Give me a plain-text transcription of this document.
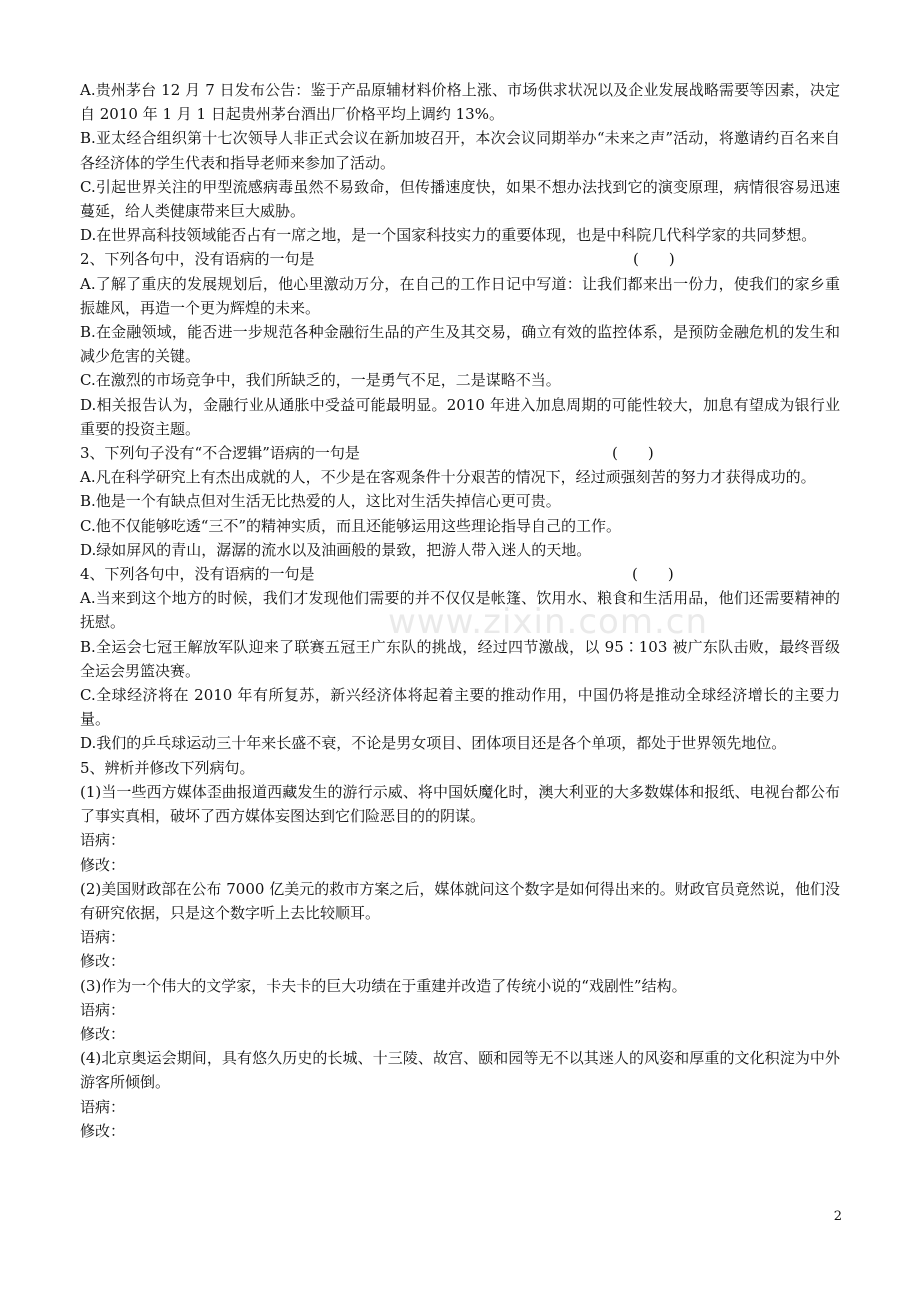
www.zixin.com.cn

A.贵州茅台 12 月 7 日发布公告：鉴于产品原辅材料价格上涨、市场供求状况以及企业发展战略需要等因素，决定自 2010 年 1 月 1 日起贵州茅台酒出厂价格平均上调约 13%。

B.亚太经合组织第十七次领导人非正式会议在新加坡召开，本次会议同期举办“未来之声”活动，将邀请约百名来自各经济体的学生代表和指导老师来参加了活动。

C.引起世界关注的甲型流感病毒虽然不易致命，但传播速度快，如果不想办法找到它的演变原理，病情很容易迅速蔓延，给人类健康带来巨大威胁。

D.在世界高科技领域能否占有一席之地，是一个国家科技实力的重要体现，也是中科院几代科学家的共同梦想。

2、下列各句中，没有语病的一句是	(　　)

A.了解了重庆的发展规划后，他心里激动万分，在自己的工作日记中写道：让我们都来出一份力，使我们的家乡重振雄风，再造一个更为辉煌的未来。

B.在金融领域，能否进一步规范各种金融衍生品的产生及其交易，确立有效的监控体系，是预防金融危机的发生和减少危害的关键。

C.在激烈的市场竞争中，我们所缺乏的，一是勇气不足，二是谋略不当。

D.相关报告认为，金融行业从通胀中受益可能最明显。2010 年进入加息周期的可能性较大，加息有望成为银行业重要的投资主题。

3、下列句子没有“不合逻辑”语病的一句是	(　　)

A.凡在科学研究上有杰出成就的人，不少是在客观条件十分艰苦的情况下，经过顽强刻苦的努力才获得成功的。

B.他是一个有缺点但对生活无比热爱的人，这比对生活失掉信心更可贵。

C.他不仅能够吃透“三不”的精神实质，而且还能够运用这些理论指导自己的工作。

D.绿如屏风的青山，潺潺的流水以及油画般的景致，把游人带入迷人的天地。

4、下列各句中，没有语病的一句是	(　　)

A.当来到这个地方的时候，我们才发现他们需要的并不仅仅是帐篷、饮用水、粮食和生活用品，他们还需要精神的抚慰。

B.全运会七冠王解放军队迎来了联赛五冠王广东队的挑战，经过四节激战，以 95∶103 被广东队击败，最终晋级全运会男篮决赛。

C.全球经济将在 2010 年有所复苏，新兴经济体将起着主要的推动作用，中国仍将是推动全球经济增长的主要力量。

D.我们的乒乓球运动三十年来长盛不衰，不论是男女项目、团体项目还是各个单项，都处于世界领先地位。

5、辨析并修改下列病句。

(1)当一些西方媒体歪曲报道西藏发生的游行示威、将中国妖魔化时，澳大利亚的大多数媒体和报纸、电视台都公布了事实真相，破坏了西方媒体妄图达到它们险恶目的的阴谋。

语病：

修改：

(2)美国财政部在公布 7000 亿美元的救市方案之后，媒体就问这个数字是如何得出来的。财政官员竟然说，他们没有研究依据，只是这个数字听上去比较顺耳。

语病：

修改：

(3)作为一个伟大的文学家，卡夫卡的巨大功绩在于重建并改造了传统小说的“戏剧性”结构。

语病：

修改：

(4)北京奥运会期间，具有悠久历史的长城、十三陵、故宫、颐和园等无不以其迷人的风姿和厚重的文化积淀为中外游客所倾倒。

语病：

修改：

2
